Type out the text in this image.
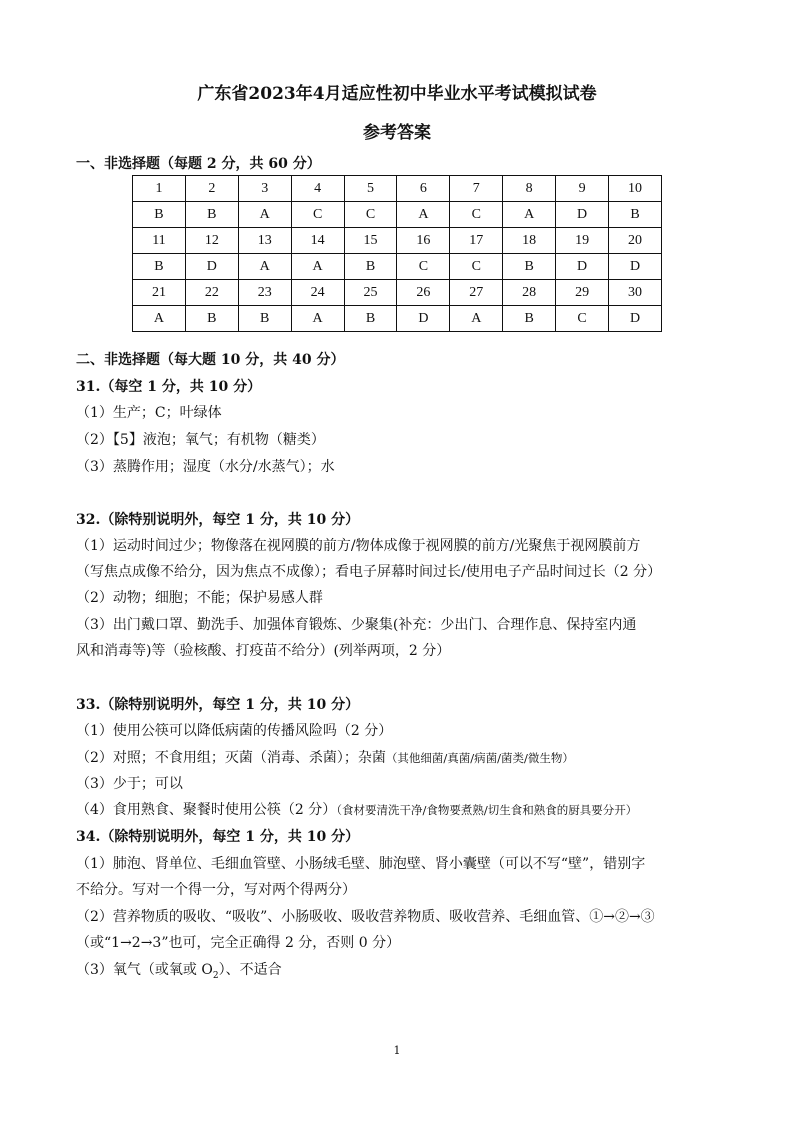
广东省2023年4月适应性初中毕业水平考试模拟试卷
参考答案
一、非选择题（每题 2 分，共 60 分）
1	2	3	4	5	6	7	8	9	10
B	B	A	C	C	A	C	A	D	B
11	12	13	14	15	16	17	18	19	20
B	D	A	A	B	C	C	B	D	D
21	22	23	24	25	26	27	28	29	30
A	B	B	A	B	D	A	B	C	D
二、非选择题（每大题 10 分，共 40 分）
31.（每空 1 分，共 10 分）
（1）生产；C；叶绿体
（2）【5】液泡；氧气；有机物（糖类）
（3）蒸腾作用；湿度（水分/水蒸气）；水
32.（除特别说明外，每空 1 分，共 10 分）
（1）运动时间过少；物像落在视网膜的前方/物体成像于视网膜的前方/光聚焦于视网膜前方
（写焦点成像不给分，因为焦点不成像）；看电子屏幕时间过长/使用电子产品时间过长（2 分）
（2）动物；细胞；不能；保护易感人群
（3）出门戴口罩、勤洗手、加强体育锻炼、少聚集(补充：少出门、合理作息、保持室内通
风和消毒等)等（验核酸、打疫苗不给分）(列举两项，2 分）
33.（除特别说明外，每空 1 分，共 10 分）
（1）使用公筷可以降低病菌的传播风险吗（2 分）
（2）对照；不食用组；灭菌（消毒、杀菌）；杂菌（其他细菌/真菌/病菌/菌类/微生物）
（3）少于；可以
（4）食用熟食、聚餐时使用公筷（2 分）（食材要清洗干净/食物要煮熟/切生食和熟食的厨具要分开）
34.（除特别说明外，每空 1 分，共 10 分）
（1）肺泡、肾单位、毛细血管壁、小肠绒毛壁、肺泡壁、肾小囊壁（可以不写“壁”，错别字
不给分。写对一个得一分，写对两个得两分）
（2）营养物质的吸收、“吸收”、小肠吸收、吸收营养物质、吸收营养、毛细血管、①→②→③
（或“1→2→3”也可，完全正确得 2 分，否则 0 分）
（3）氧气（或氧或 $O_2$）、不适合
1
